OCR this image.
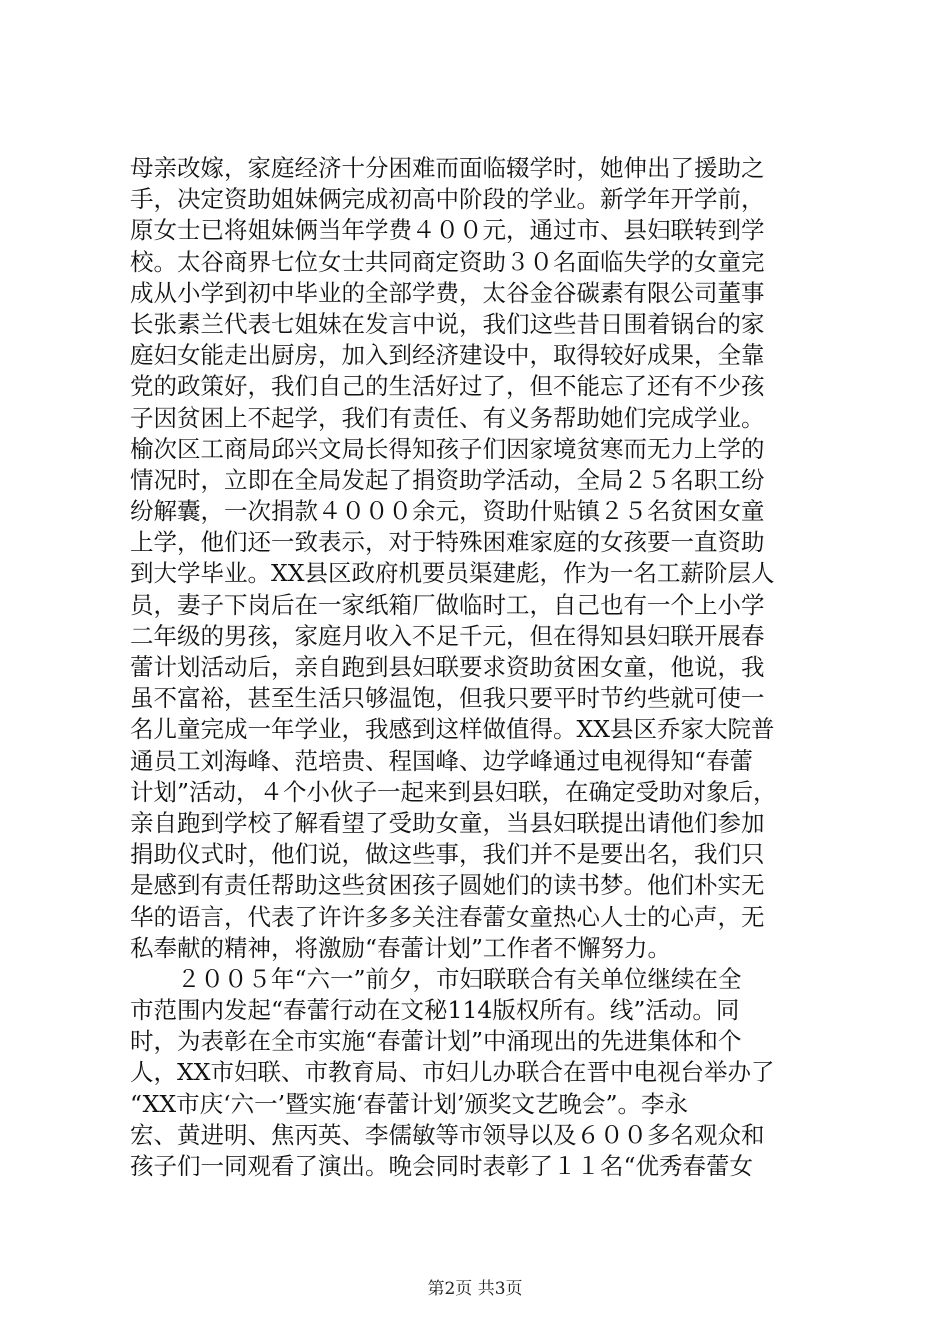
母亲改嫁，家庭经济十分困难而面临辍学时，她伸出了援助之
手，决定资助姐妹俩完成初高中阶段的学业。新学年开学前，
原女士已将姐妹俩当年学费４００元，通过市、县妇联转到学
校。太谷商界七位女士共同商定资助３０名面临失学的女童完
成从小学到初中毕业的全部学费，太谷金谷碳素有限公司董事
长张素兰代表七姐妹在发言中说，我们这些昔日围着锅台的家
庭妇女能走出厨房，加入到经济建设中，取得较好成果，全靠
党的政策好，我们自己的生活好过了，但不能忘了还有不少孩
子因贫困上不起学，我们有责任、有义务帮助她们完成学业。
榆次区工商局邱兴文局长得知孩子们因家境贫寒而无力上学的
情况时，立即在全局发起了捐资助学活动，全局２５名职工纷
纷解囊，一次捐款４０００余元，资助什贴镇２５名贫困女童
上学，他们还一致表示，对于特殊困难家庭的女孩要一直资助
到大学毕业。XX县区政府机要员渠建彪，作为一名工薪阶层人
员，妻子下岗后在一家纸箱厂做临时工，自己也有一个上小学
二年级的男孩，家庭月收入不足千元，但在得知县妇联开展春
蕾计划活动后，亲自跑到县妇联要求资助贫困女童，他说，我
虽不富裕，甚至生活只够温饱，但我只要平时节约些就可使一
名儿童完成一年学业，我感到这样做值得。XX县区乔家大院普
通员工刘海峰、范培贵、程国峰、边学峰通过电视得知“春蕾
计划”活动，４个小伙子一起来到县妇联，在确定受助对象后，
亲自跑到学校了解看望了受助女童，当县妇联提出请他们参加
捐助仪式时，他们说，做这些事，我们并不是要出名，我们只
是感到有责任帮助这些贫困孩子圆她们的读书梦。他们朴实无
华的语言，代表了许许多多关注春蕾女童热心人士的心声，无
私奉献的精神，将激励“春蕾计划”工作者不懈努力。
　　２００５年“六一”前夕，市妇联联合有关单位继续在全
市范围内发起“春蕾行动在文秘114版权所有。线”活动。同
时，为表彰在全市实施“春蕾计划”中涌现出的先进集体和个
人，XX市妇联、市教育局、市妇儿办联合在晋中电视台举办了
“XX市庆‘六一’暨实施‘春蕾计划’颁奖文艺晚会”。李永
宏、黄进明、焦丙英、李儒敏等市领导以及６００多名观众和
孩子们一同观看了演出。晚会同时表彰了１１名“优秀春蕾女
第2页 共3页
